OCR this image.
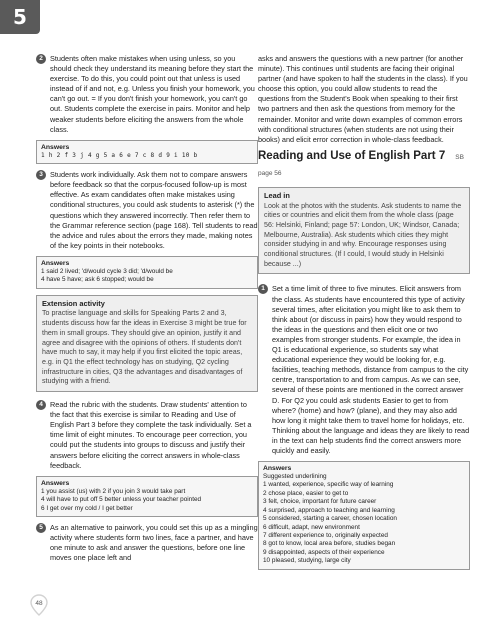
5
2 Students often make mistakes when using unless, so you should check they understand its meaning before they start the exercise. To do this, you could point out that unless is used instead of if and not, e.g. Unless you finish your homework, you can't go out. = If you don't finish your homework, you can't go out. Students complete the exercise in pairs. Monitor and help weaker students before eliciting the answers from the whole class.
Answers
1 h 2 f 3 j 4 g 5 a 6 e 7 c 8 d 9 i 10 b
3 Students work individually. Ask them not to compare answers before feedback so that the corpus-focused follow-up is most effective. As exam candidates often make mistakes using conditional structures, you could ask students to asterisk (*) the questions which they answered incorrectly. Then refer them to the Grammar reference section (page 168). Tell students to read the advice and rules about the errors they made, making notes of the key points in their notebooks.
Answers
1 said 2 lived; 'd/would cycle 3 did; 'd/would be
4 have 5 have; ask 6 stopped; would be
Extension activity
To practise language and skills for Speaking Parts 2 and 3, students discuss how far the ideas in Exercise 3 might be true for them in small groups. They should give an opinion, justify it and agree and disagree with the opinions of others. If students don't have much to say, it may help if you first elicited the topic areas, e.g. in Q1 the effect technology has on studying, Q2 cycling infrastructure in cities, Q3 the advantages and disadvantages of studying with a friend.
4 Read the rubric with the students. Draw students' attention to the fact that this exercise is similar to Reading and Use of English Part 3 before they complete the task individually. Set a time limit of eight minutes. To encourage peer correction, you could put the students into groups to discuss and justify their answers before eliciting the correct answers in whole-class feedback.
Answers
1 you assist (us) with 2 if you join 3 would take part
4 will have to put off 5 better unless your teacher pointed
6 I get over my cold / I get better
5 As an alternative to pairwork, you could set this up as a mingling activity where students form two lines, face a partner, and have one minute to ask and answer the questions, before one line moves one place left and
asks and answers the questions with a new partner (for another minute). This continues until students are facing their original partner (and have spoken to half the students in the class). If you choose this option, you could allow students to read the questions from the Student's Book when speaking to their first two partners and then ask the questions from memory for the remainder. Monitor and write down examples of common errors with conditional structures (when students are not using their books) and elicit error correction in whole-class feedback.
Reading and Use of English Part 7 SB page 56
Lead in
Look at the photos with the students. Ask students to name the cities or countries and elicit them from the whole class (page 56: Helsinki, Finland; page 57: London, UK; Windsor, Canada; Melbourne, Australia). Ask students which cities they might consider studying in and why. Encourage responses using conditional structures. (If I could, I would study in Helsinki because ...)
1 Set a time limit of three to five minutes. Elicit answers from the class. As students have encountered this type of activity several times, after elicitation you might like to ask them to think about (or discuss in pairs) how they would respond to the ideas in the questions and then elicit one or two examples from stronger students. For example, the idea in Q1 is educational experience, so students say what educational experience they would be looking for, e.g. facilities, teaching methods, distance from campus to the city centre, transportation to and from campus. As we can see, several of these points are mentioned in the correct answer D. For Q2 you could ask students Easier to get to from where? (home) and how? (plane), and they may also add how long it might take them to travel home for holidays, etc. Thinking about the language and ideas they are likely to read in the text can help students find the correct answers more quickly and easily.
Answers
Suggested underlining
1 wanted, experience, specific way of learning
2 chose place, easier to get to
3 felt, choice, important for future career
4 surprised, approach to teaching and learning
5 considered, starting a career, chosen location
6 difficult, adapt, new environment
7 different experience to, originally expected
8 got to know, local area before, studies began
9 disappointed, aspects of their experience
10 pleased, studying, large city
48
